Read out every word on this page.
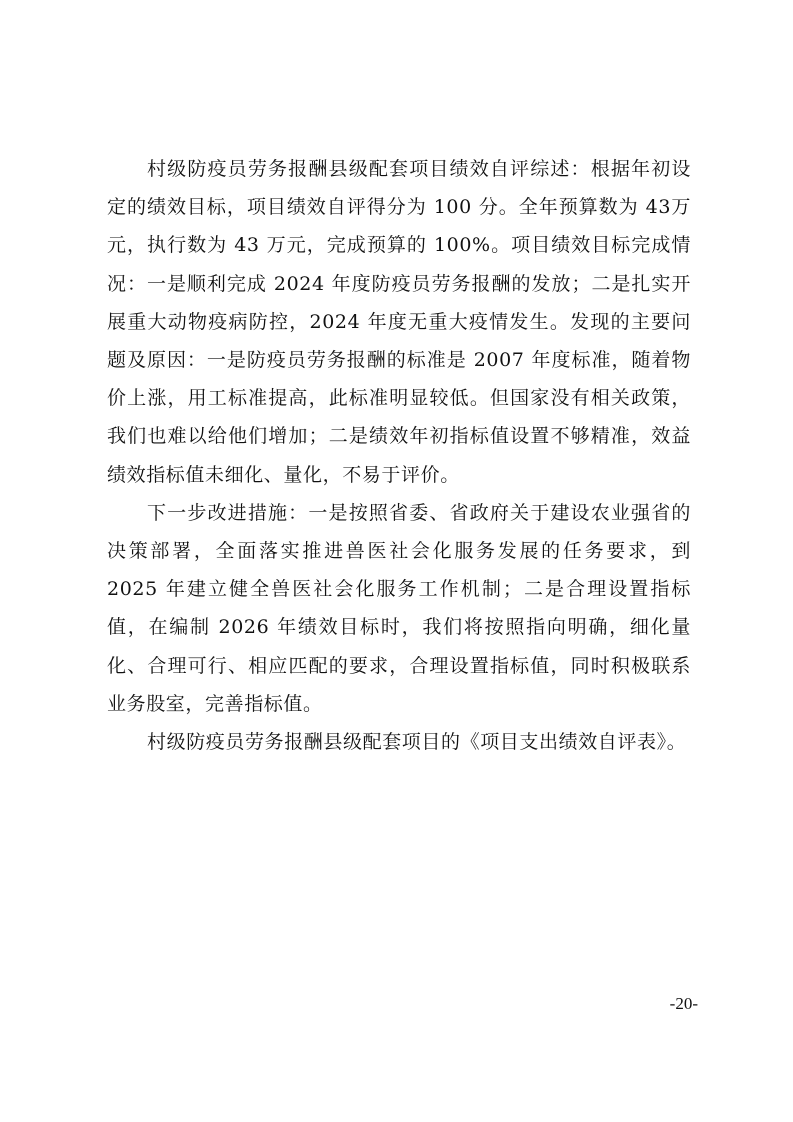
村级防疫员劳务报酬县级配套项目绩效自评综述：根据年初设定的绩效目标，项目绩效自评得分为 100 分。全年预算数为 43万元，执行数为 43 万元，完成预算的 100%。项目绩效目标完成情况：一是顺利完成 2024 年度防疫员劳务报酬的发放；二是扎实开展重大动物疫病防控，2024 年度无重大疫情发生。发现的主要问题及原因：一是防疫员劳务报酬的标准是 2007 年度标准，随着物价上涨，用工标准提高，此标准明显较低。但国家没有相关政策，我们也难以给他们增加；二是绩效年初指标值设置不够精准，效益绩效指标值未细化、量化，不易于评价。

下一步改进措施：一是按照省委、省政府关于建设农业强省的决策部署，全面落实推进兽医社会化服务发展的任务要求，到 2025 年建立健全兽医社会化服务工作机制；二是合理设置指标值，在编制 2026 年绩效目标时，我们将按照指向明确，细化量化、合理可行、相应匹配的要求，合理设置指标值，同时积极联系业务股室，完善指标值。

村级防疫员劳务报酬县级配套项目的《项目支出绩效自评表》。

-20-
